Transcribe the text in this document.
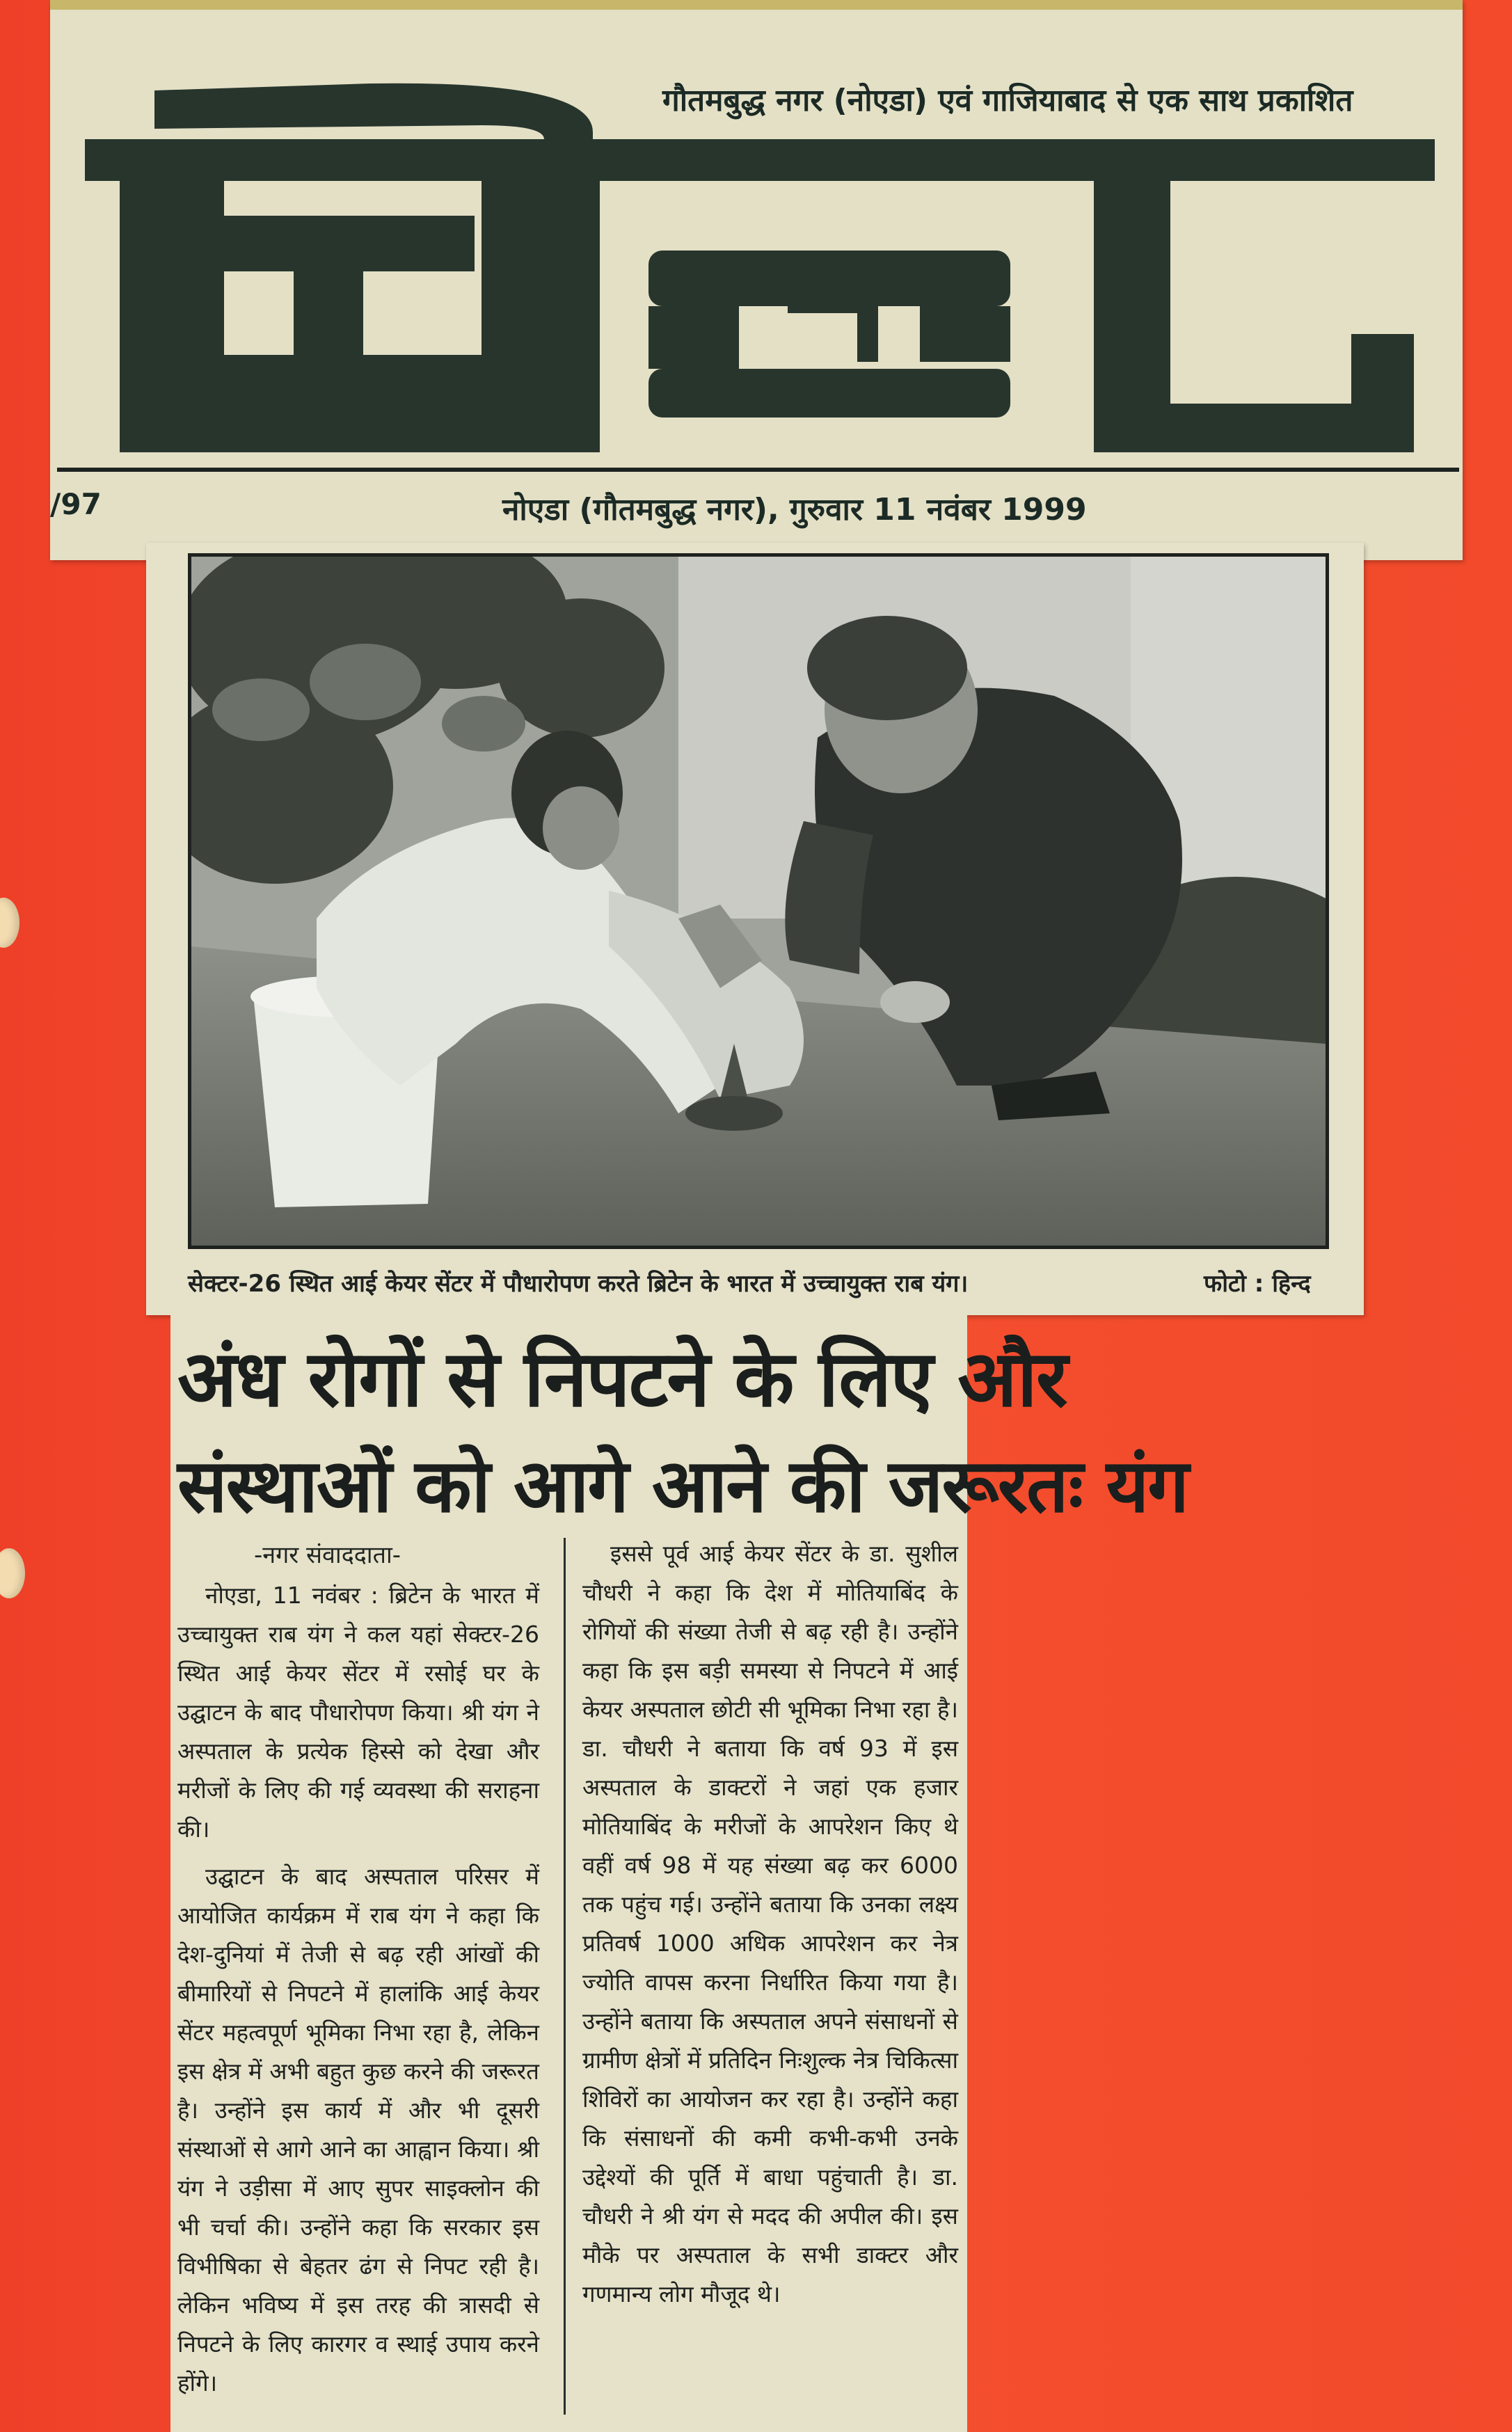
गौतमबुद्ध नगर (नोएडा) एवं गाजियाबाद से एक साथ प्रकाशित
/97	नोएडा (गौतमबुद्ध नगर), गुरुवार 11 नवंबर 1999
सेक्टर-26 स्थित आई केयर सेंटर में पौधारोपण करते ब्रिटेन के भारत में उच्चायुक्त राब यंग।	फोटो : हिन्द
अंध रोगों से निपटने के लिए और
संस्थाओं को आगे आने की जरूरतः यंग
-नगर संवाददाता-

नोएडा, 11 नवंबर : ब्रिटेन के भारत में उच्चायुक्त राब यंग ने कल यहां सेक्टर-26 स्थित आई केयर सेंटर में रसोई घर के उद्घाटन के बाद पौधारोपण किया। श्री यंग ने अस्पताल के प्रत्येक हिस्से को देखा और मरीजों के लिए की गई व्यवस्था की सराहना की।

उद्घाटन के बाद अस्पताल परिसर में आयोजित कार्यक्रम में राब यंग ने कहा कि देश-दुनियां में तेजी से बढ़ रही आंखों की बीमारियों से निपटने में हालांकि आई केयर सेंटर महत्वपूर्ण भूमिका निभा रहा है, लेकिन इस क्षेत्र में अभी बहुत कुछ करने की जरूरत है। उन्होंने इस कार्य में और भी दूसरी संस्थाओं से आगे आने का आह्वान किया। श्री यंग ने उड़ीसा में आए सुपर साइक्लोन की भी चर्चा की। उन्होंने कहा कि सरकार इस विभीषिका से बेहतर ढंग से निपट रही है। लेकिन भविष्य में इस तरह की त्रासदी से निपटने के लिए कारगर व स्थाई उपाय करने होंगे।

इससे पूर्व आई केयर सेंटर के डा. सुशील चौधरी ने कहा कि देश में मोतियाबिंद के रोगियों की संख्या तेजी से बढ़ रही है। उन्होंने कहा कि इस बड़ी समस्या से निपटने में आई केयर अस्पताल छोटी सी भूमिका निभा रहा है। डा. चौधरी ने बताया कि वर्ष 93 में इस अस्पताल के डाक्टरों ने जहां एक हजार मोतियाबिंद के मरीजों के आपरेशन किए थे वहीं वर्ष 98 में यह संख्या बढ़ कर 6000 तक पहुंच गई। उन्होंने बताया कि उनका लक्ष्य प्रतिवर्ष 1000 अधिक आपरेशन कर नेत्र ज्योति वापस करना निर्धारित किया गया है। उन्होंने बताया कि अस्पताल अपने संसाधनों से ग्रामीण क्षेत्रों में प्रतिदिन निःशुल्क नेत्र चिकित्सा शिविरों का आयोजन कर रहा है। उन्होंने कहा कि संसाधनों की कमी कभी-कभी उनके उद्देश्यों की पूर्ति में बाधा पहुंचाती है। डा. चौधरी ने श्री यंग से मदद की अपील की। इस मौके पर अस्पताल के सभी डाक्टर और गणमान्य लोग मौजूद थे।
